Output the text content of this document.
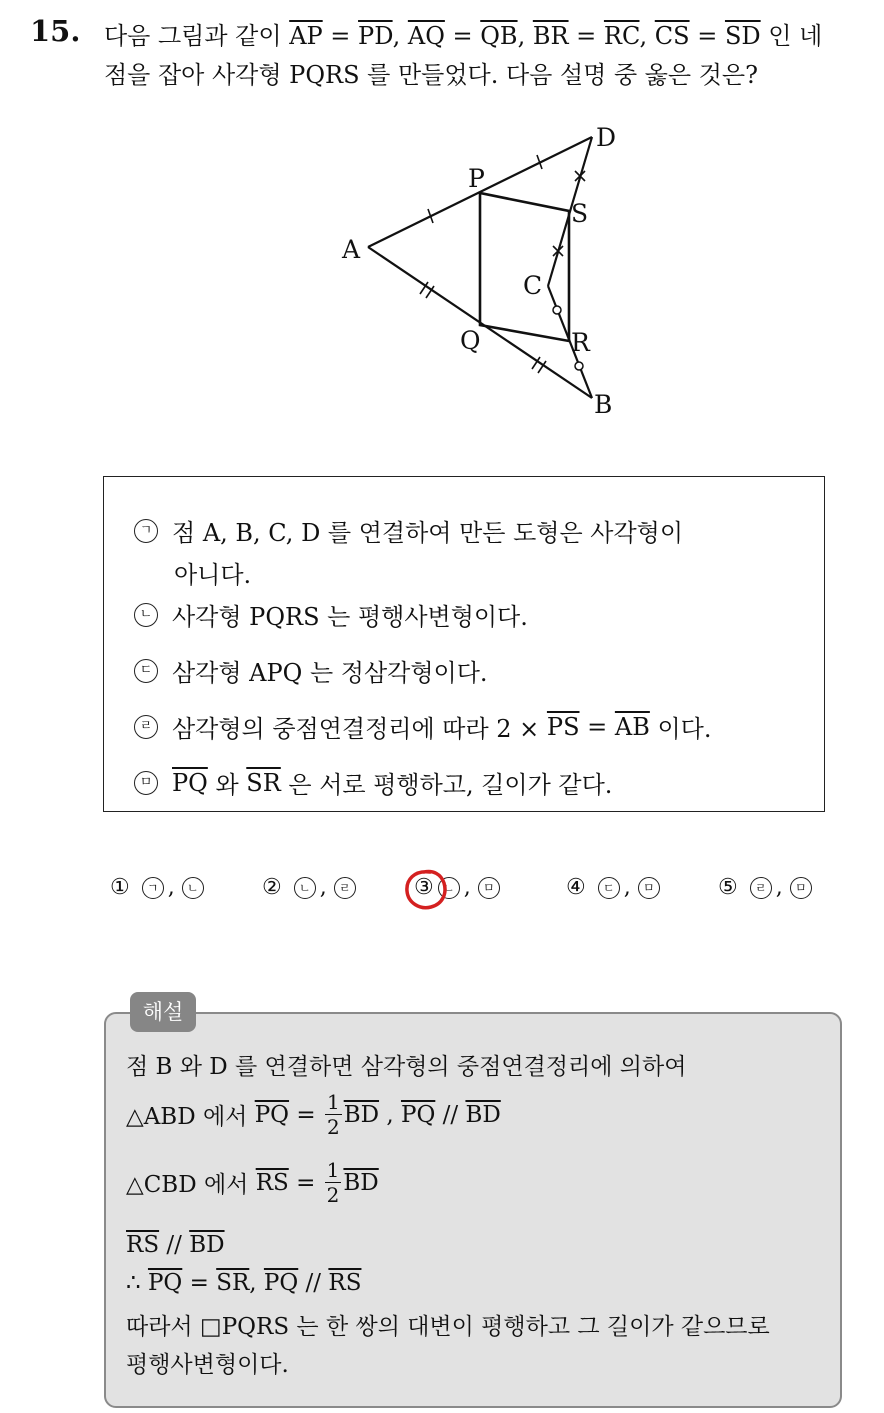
15. 다음 그림과 같이 $\overline{AP} = \overline{PD}$, $\overline{AQ} = \overline{QB}$, $\overline{BR} = \overline{RC}$, $\overline{CS} = \overline{SD}$ 인 네
점을 잡아 사각형 PQRS 를 만들었다. 다음 설명 중 옳은 것은?
A
B
C
D
P
Q	R
S
ㄱ 점 A, B, C, D 를 연결하여 만든 도형은 사각형이
아니다.
ㄴ 사각형 PQRS 는 평행사변형이다.
ㄷ 삼각형 APQ 는 정삼각형이다.
ㄹ 삼각형의 중점연결정리에 따라 $2 \times \overline{PS} = \overline{AB}$ 이다.
ㅁ $\overline{PQ}$ 와 $\overline{SR}$ 은 서로 평행하고, 길이가 같다.
①	ㄱ , ㄴ	②	ㄴ , ㄹ	③ ㄴ , ㅁ	④	ㄷ , ㅁ	⑤	ㄹ , ㅁ
점 B 와 D 를 연결하면 삼각형의 중점연결정리에 의하여
△ABD 에서 $\overline{PQ} = \frac{1}{2} \overline{BD}$ , $\overline{PQ} // \overline{BD}$
△CBD 에서 $\overline{RS} = \frac{1}{2} \overline{BD}$
$\overline{RS} // \overline{BD}$
∴ $\overline{PQ} = \overline{SR}$ , $\overline{PQ} // \overline{RS}$
따라서 □PQRS 는 한 쌍의 대변이 평행하고 그 길이가 같으므로
평행사변형이다.
해설
